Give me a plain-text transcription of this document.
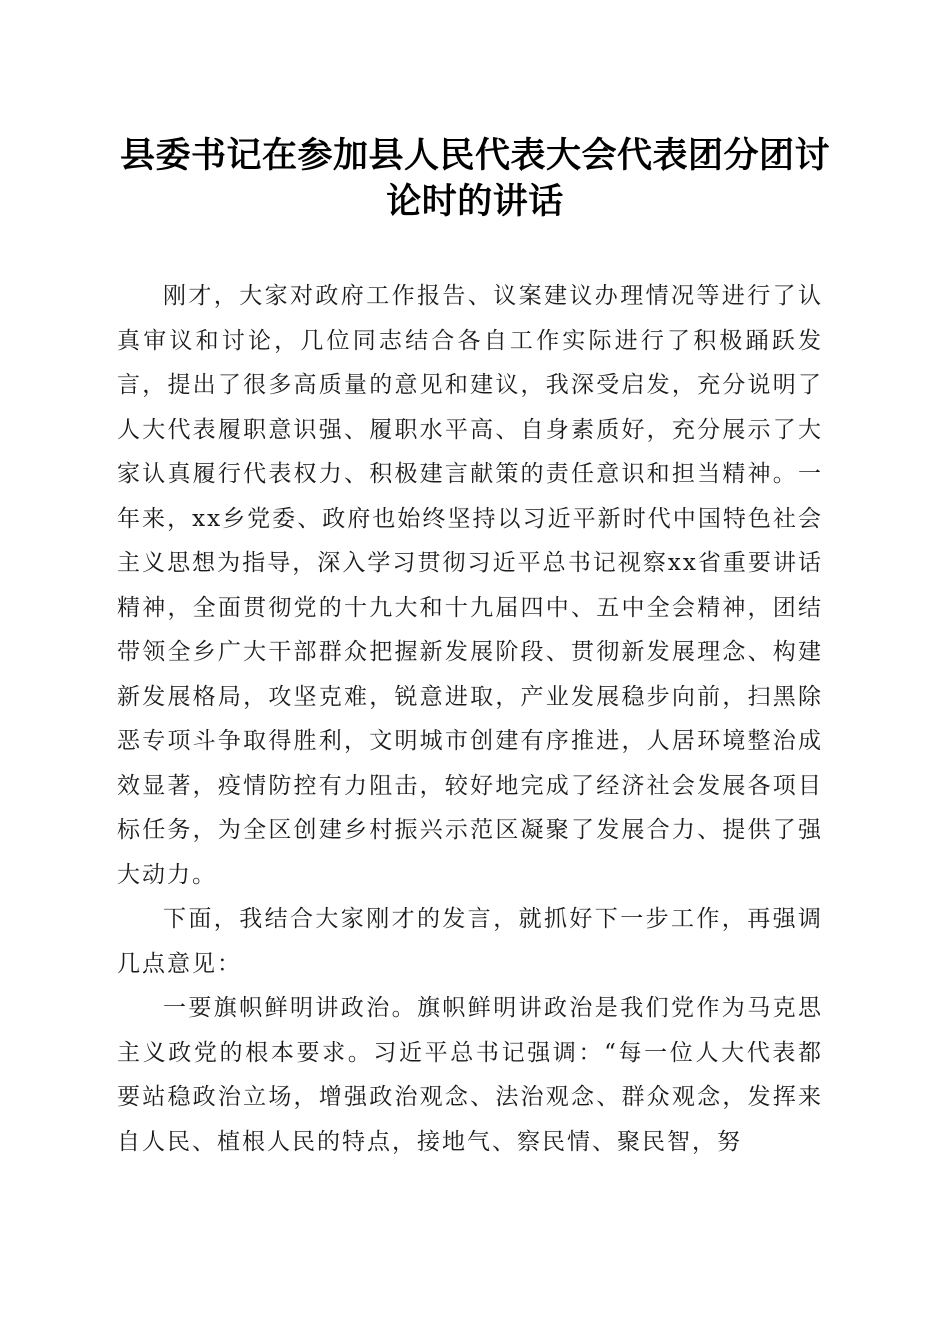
县委书记在参加县人民代表大会代表团分团讨
论时的讲话

刚才，大家对政府工作报告、议案建议办理情况等进行了认真审议和讨论，几位同志结合各自工作实际进行了积极踊跃发言，提出了很多高质量的意见和建议，我深受启发，充分说明了人大代表履职意识强、履职水平高、自身素质好，充分展示了大家认真履行代表权力、积极建言献策的责任意识和担当精神。一年来，xx乡党委、政府也始终坚持以习近平新时代中国特色社会主义思想为指导，深入学习贯彻习近平总书记视察xx省重要讲话精神，全面贯彻党的十九大和十九届四中、五中全会精神，团结带领全乡广大干部群众把握新发展阶段、贯彻新发展理念、构建新发展格局，攻坚克难，锐意进取，产业发展稳步向前，扫黑除恶专项斗争取得胜利，文明城市创建有序推进，人居环境整治成效显著，疫情防控有力阻击，较好地完成了经济社会发展各项目标任务，为全区创建乡村振兴示范区凝聚了发展合力、提供了强大动力。

下面，我结合大家刚才的发言，就抓好下一步工作，再强调几点意见：

一要旗帜鲜明讲政治。旗帜鲜明讲政治是我们党作为马克思主义政党的根本要求。习近平总书记强调：“每一位人大代表都要站稳政治立场，增强政治观念、法治观念、群众观念，发挥来自人民、植根人民的特点，接地气、察民情、聚民智，努
